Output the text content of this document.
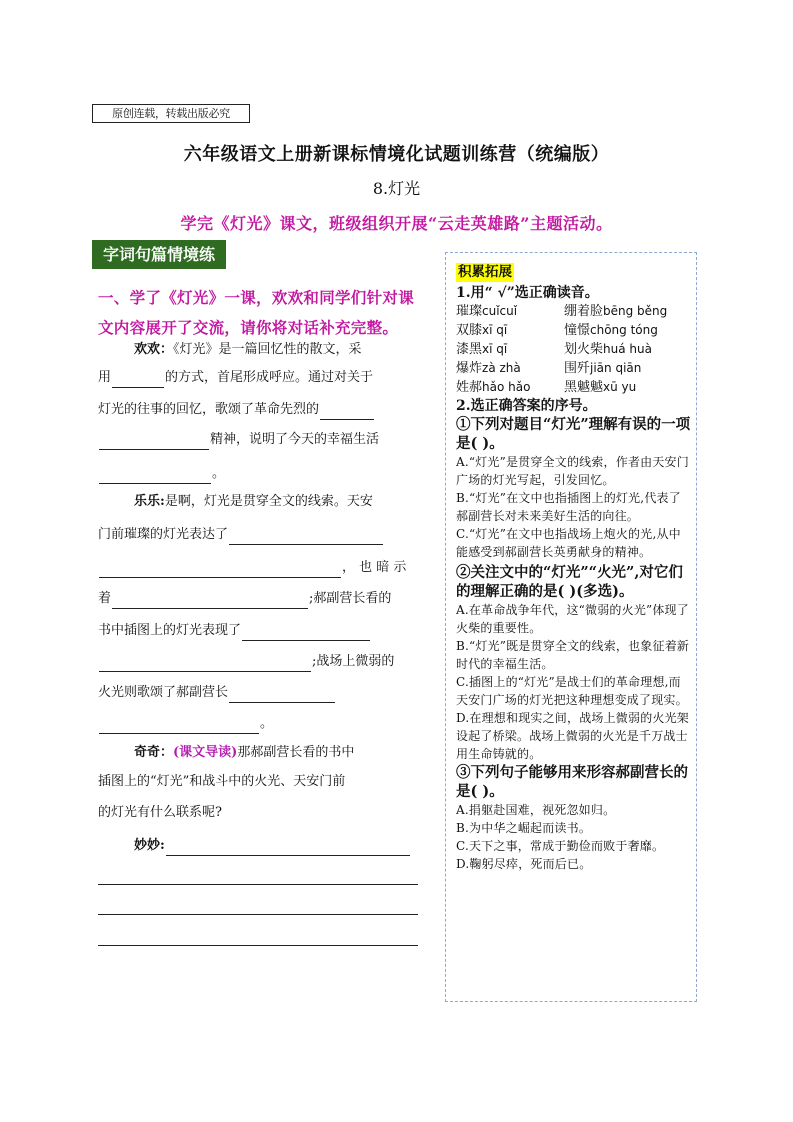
原创连载，转载出版必究
六年级语文上册新课标情境化试题训练营（统编版）
8.灯光
学完《灯光》课文，班级组织开展“云走英雄路”主题活动。
字词句篇情境练
一、学了《灯光》一课，欢欢和同学们针对课文内容展开了交流，请你将对话补充完整。
欢欢：《灯光》是一篇回忆性的散文，采
用	的方式，首尾形成呼应。通过对关于
灯光的往事的回忆，歌颂了革命先烈的
精神，说明了今天的幸福生活
。
乐乐:是啊，灯光是贯穿全文的线索。天安
门前璀璨的灯光表达了
， 也 暗 示
着	;郝副营长看的
书中插图上的灯光表现了
;战场上微弱的
火光则歌颂了郝副营长
。
奇奇：(课文导读)那郝副营长看的书中
插图上的“灯光”和战斗中的火光、天安门前
的灯光有什么联系呢?
妙妙:
积累拓展
1.用“ √”选正确读音。
璀璨cuǐcuǐ	绷着脸bēng běng
双膝xī qī	憧憬chōng tóng
漆黑xī qī	划火柴huá huà
爆炸zà zhà	围歼jiān qiān
姓郝hǎo hǎo	黑魆魆xū yu
2.选正确答案的序号。
①下列对题目“灯光”理解有误的一项是( )。
A.“灯光”是贯穿全文的线索，作者由天安门广场的灯光写起，引发回忆。
B.“灯光”在文中也指插图上的灯光,代表了郝副营长对未来美好生活的向往。
C.“灯光”在文中也指战场上炮火的光,从中能感受到郝副营长英勇献身的精神。
②关注文中的“灯光”“火光”,对它们的理解正确的是( )(多选)。
A.在革命战争年代，这“微弱的火光”体现了火柴的重要性。
B.“灯光”既是贯穿全文的线索，也象征着新时代的幸福生活。
C.插图上的“灯光”是战士们的革命理想,而天安门广场的灯光把这种理想变成了现实。
D.在理想和现实之间，战场上微弱的火光架设起了桥梁。战场上微弱的火光是千万战士用生命铸就的。
③下列句子能够用来形容郝副营长的是( )。
A.捐躯赴国难，视死忽如归。
B.为中华之崛起而读书。
C.天下之事，常成于勤俭而败于奢靡。
D.鞠躬尽瘁，死而后已。
